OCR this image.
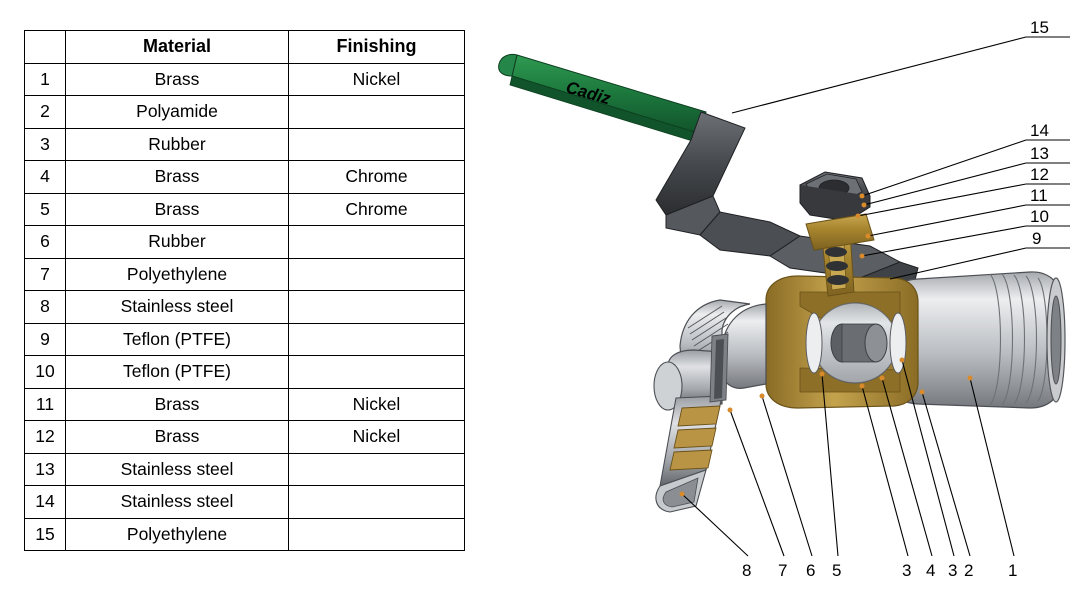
	Material	Finishing
1	Brass	Nickel
2	Polyamide	
3	Rubber	
4	Brass	Chrome
5	Brass	Chrome
6	Rubber	
7	Polyethylene	
8	Stainless steel	
9	Teflon (PTFE)	
10	Teflon (PTFE)	
11	Brass	Nickel
12	Brass	Nickel
13	Stainless steel	
14	Stainless steel	
15	Polyethylene	
Cadiz
15
14
13
12
11
10
9
8 7 6 5	3 4 3 2 1
